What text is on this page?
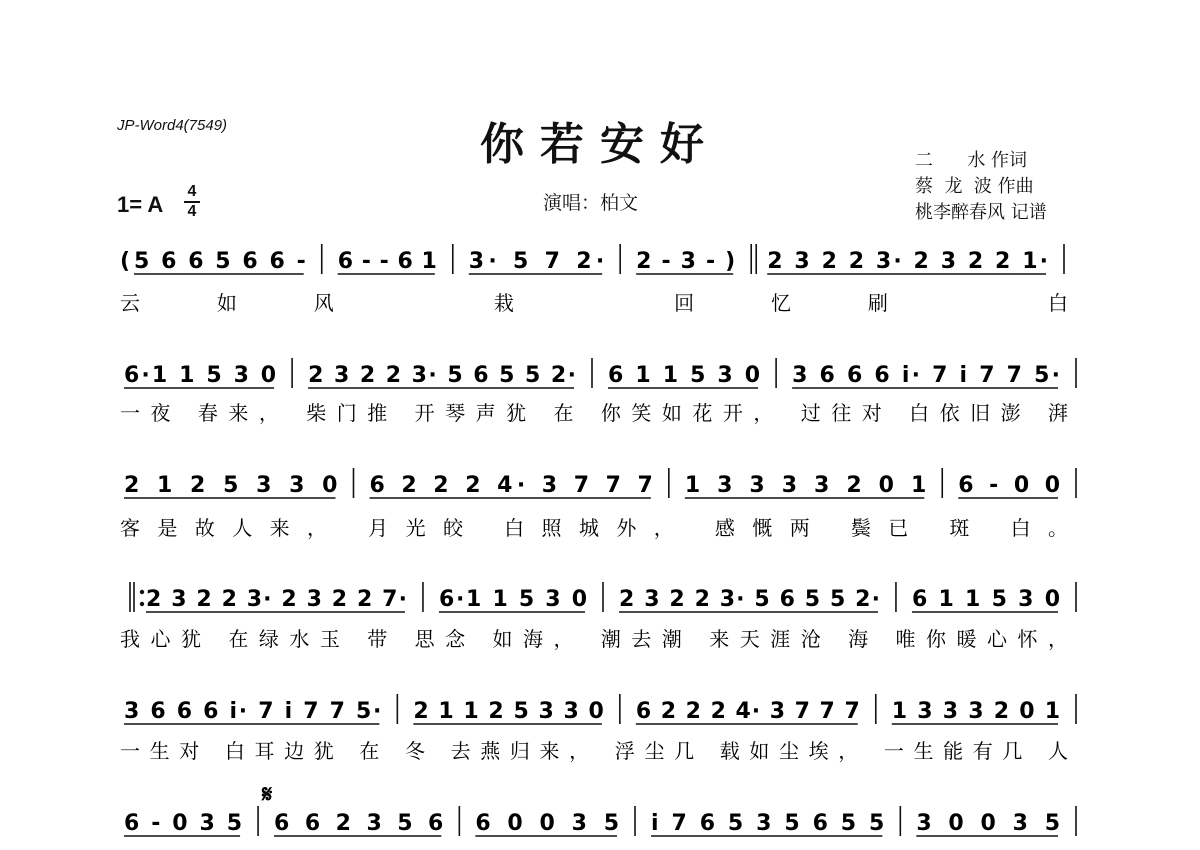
JP-Word4(7549)	你若安好
演唱：柏文
二      水 作词
蔡  龙  波 作曲
桃李醉春风 记谱
1= A
4
4
( 5 6 6 5 6 6 - 6 - - 6 1 3· 5 7 2· 2 - 3 - ) 2 3 2 2 3· 2 3 2 2 1·
云如风 栽 回忆刷 白
6·1 1 5 3 0 2 3 2 2 3· 5 6 5 5 2· 6 1 1 5 3 0 3 6 6 6 i· 7 i 7 7 5·
一夜 春来， 柴门推 开琴声犹 在 你笑如花开， 过往对 白依旧澎 湃
2 1 2 5 3 3 0 6 2 2 2 4· 3 7 7 7 1 3 3 3 3 2 0 1 6 - 0 0
客是故人来， 月光皎 白照城外， 感慨两 鬓已 斑 白。
2 3 2 2 3· 2 3 2 2 7· 6·1 1 5 3 0 2 3 2 2 3· 5 6 5 5 2· 6 1 1 5 3 0
我心犹 在绿水玉 带 思念 如海， 潮去潮 来天涯沧 海 唯你暖心怀，
3 6 6 6 i· 7 i 7 7 5· 2 1 1 2 5 3 3 0 6 2 2 2 4· 3 7 7 7 1 3 3 3 2 0 1
一生对 白耳边犹 在 冬 去燕归来， 浮尘几 载如尘埃， 一生能有几 人
6 - 0 3 5 6 6 2 3 5 6 6 0 0 3 5 i 7 6 5 3 5 6 5 5 3 0 0 3 5
𝄋
